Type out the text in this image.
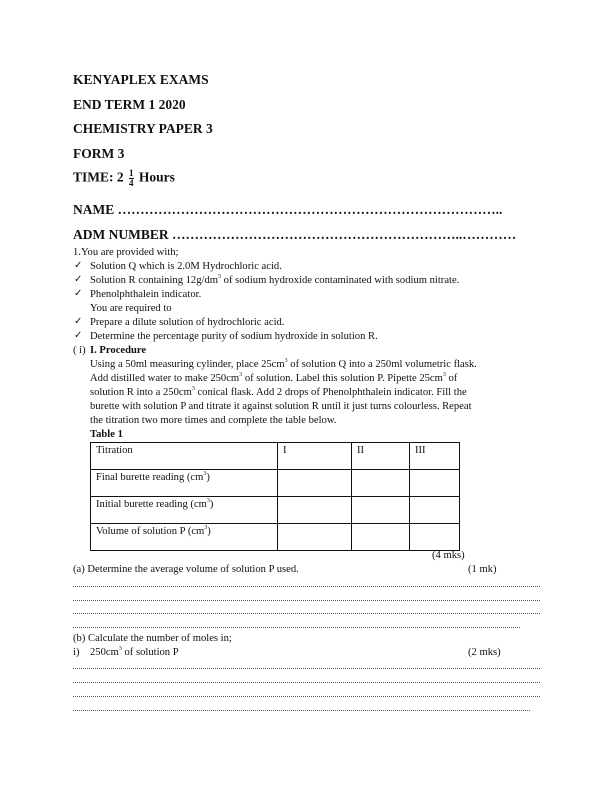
KENYAPLEX EXAMS
END TERM 1 2020
CHEMISTRY PAPER 3
FORM 3
TIME: $2 \frac{1}{4}$ Hours
NAME …………………………………………………………………………..
ADM NUMBER ………………………………………………………..…………
1.You are provided with;
✓ Solution Q which is 2.0M Hydrochloric acid.
✓ Solution R containing $12g/dm^3$ of sodium hydroxide contaminated with sodium nitrate.
✓ Phenolphthalein indicator.
You are required to
✓ Prepare a dilute solution of hydrochloric acid.
✓ Determine the percentage purity of sodium hydroxide in solution R.
( i) I. Procedure
Using a 50ml measuring cylinder, place $25cm^3$ of solution Q into a 250ml volumetric flask.
Add distilled water to make $250cm^3$ of solution. Label this solution P. Pipette $25cm^3$ of
solution R into a $250cm^3$ conical flask. Add 2 drops of Phenolphthalein indicator. Fill the
burette with solution P and titrate it against solution R until it just turns colourless. Repeat
the titration two more times and complete the table below.
Table 1
Titration	I	II	III
Final burette reading $(cm^3)$			
Initial burette reading $(cm^3)$			
Volume of solution P $(cm^3)$			
(4 mks)
(a) Determine the average volume of solution P used.	(1 mk)
(b) Calculate the number of moles in;
i) $250cm^3$ of solution P	(2 mks)
